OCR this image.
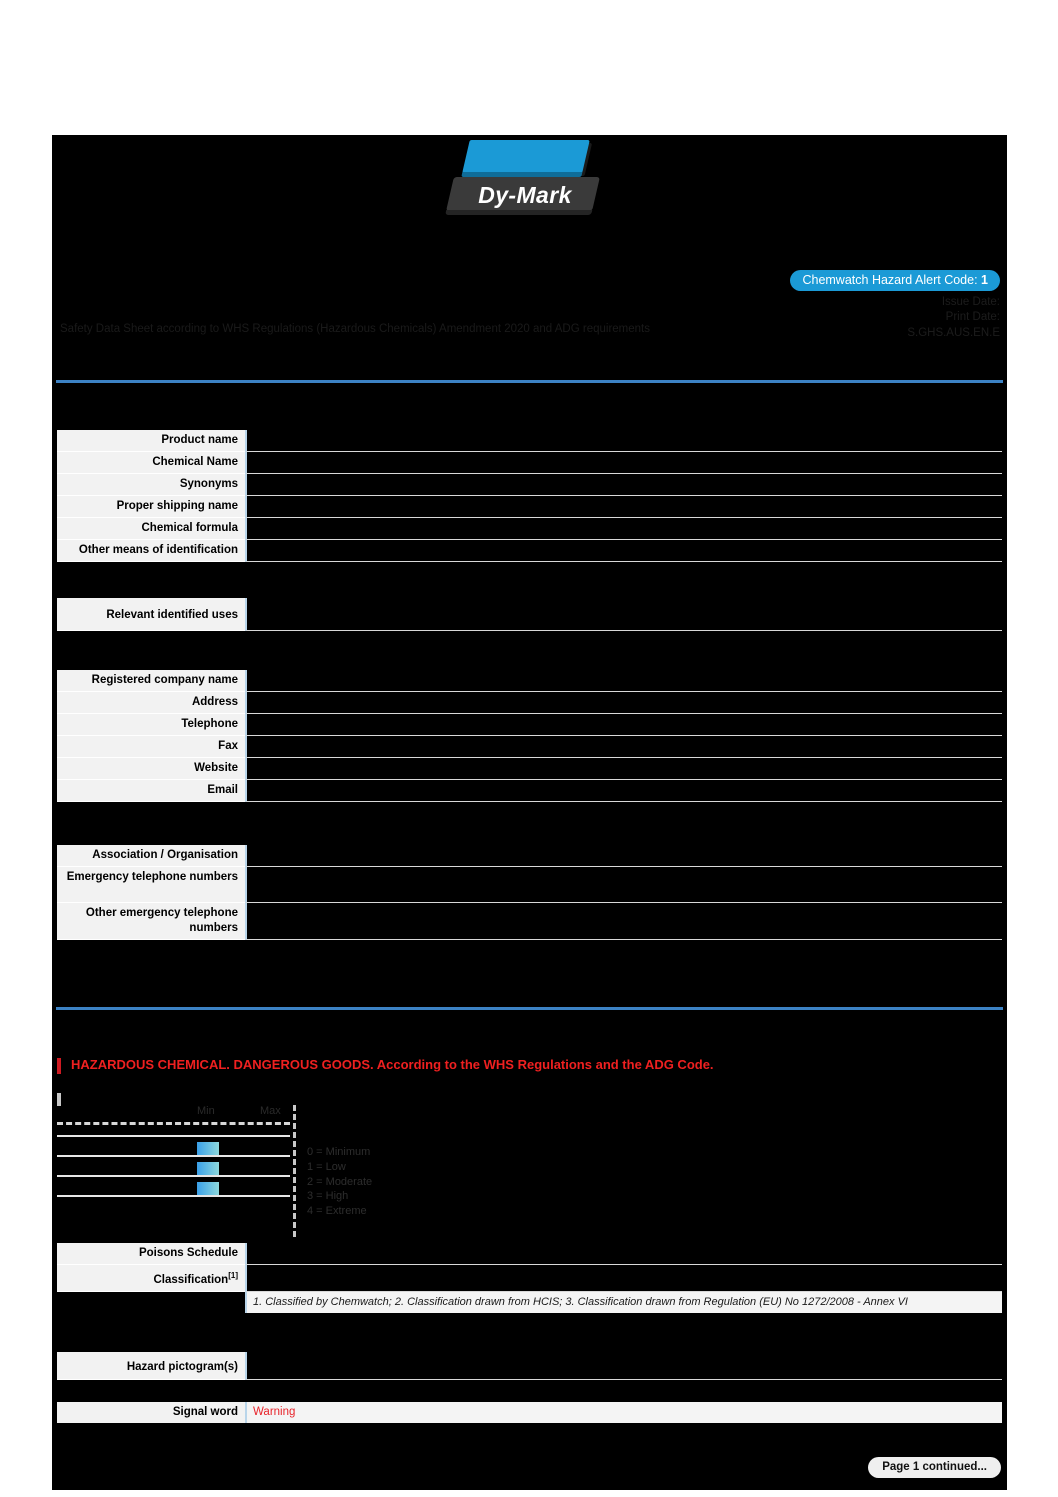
Dy-Mark
Chemwatch Hazard Alert Code: 1
Issue Date:
Print Date:
S.GHS.AUS.EN.E
Safety Data Sheet according to WHS Regulations (Hazardous Chemicals) Amendment 2020 and ADG requirements
Product name
Chemical Name
Synonyms
Proper shipping name
Chemical formula
Other means of identification
Relevant identified uses
Registered company name
Address
Telephone
Fax
Website
Email
Association / Organisation
Emergency telephone numbers
Other emergency telephone numbers
HAZARDOUS CHEMICAL. DANGEROUS GOODS. According to the WHS Regulations and the ADG Code.
Min	Max
0 = Minimum
1 = Low
2 = Moderate
3 = High
4 = Extreme
Poisons Schedule
Classification[1]
Legend:	1. Classified by Chemwatch; 2. Classification drawn from HCIS; 3. Classification drawn from Regulation (EU) No 1272/2008 - Annex VI
Hazard pictogram(s)
Signal word	Warning
Page 1 continued...
